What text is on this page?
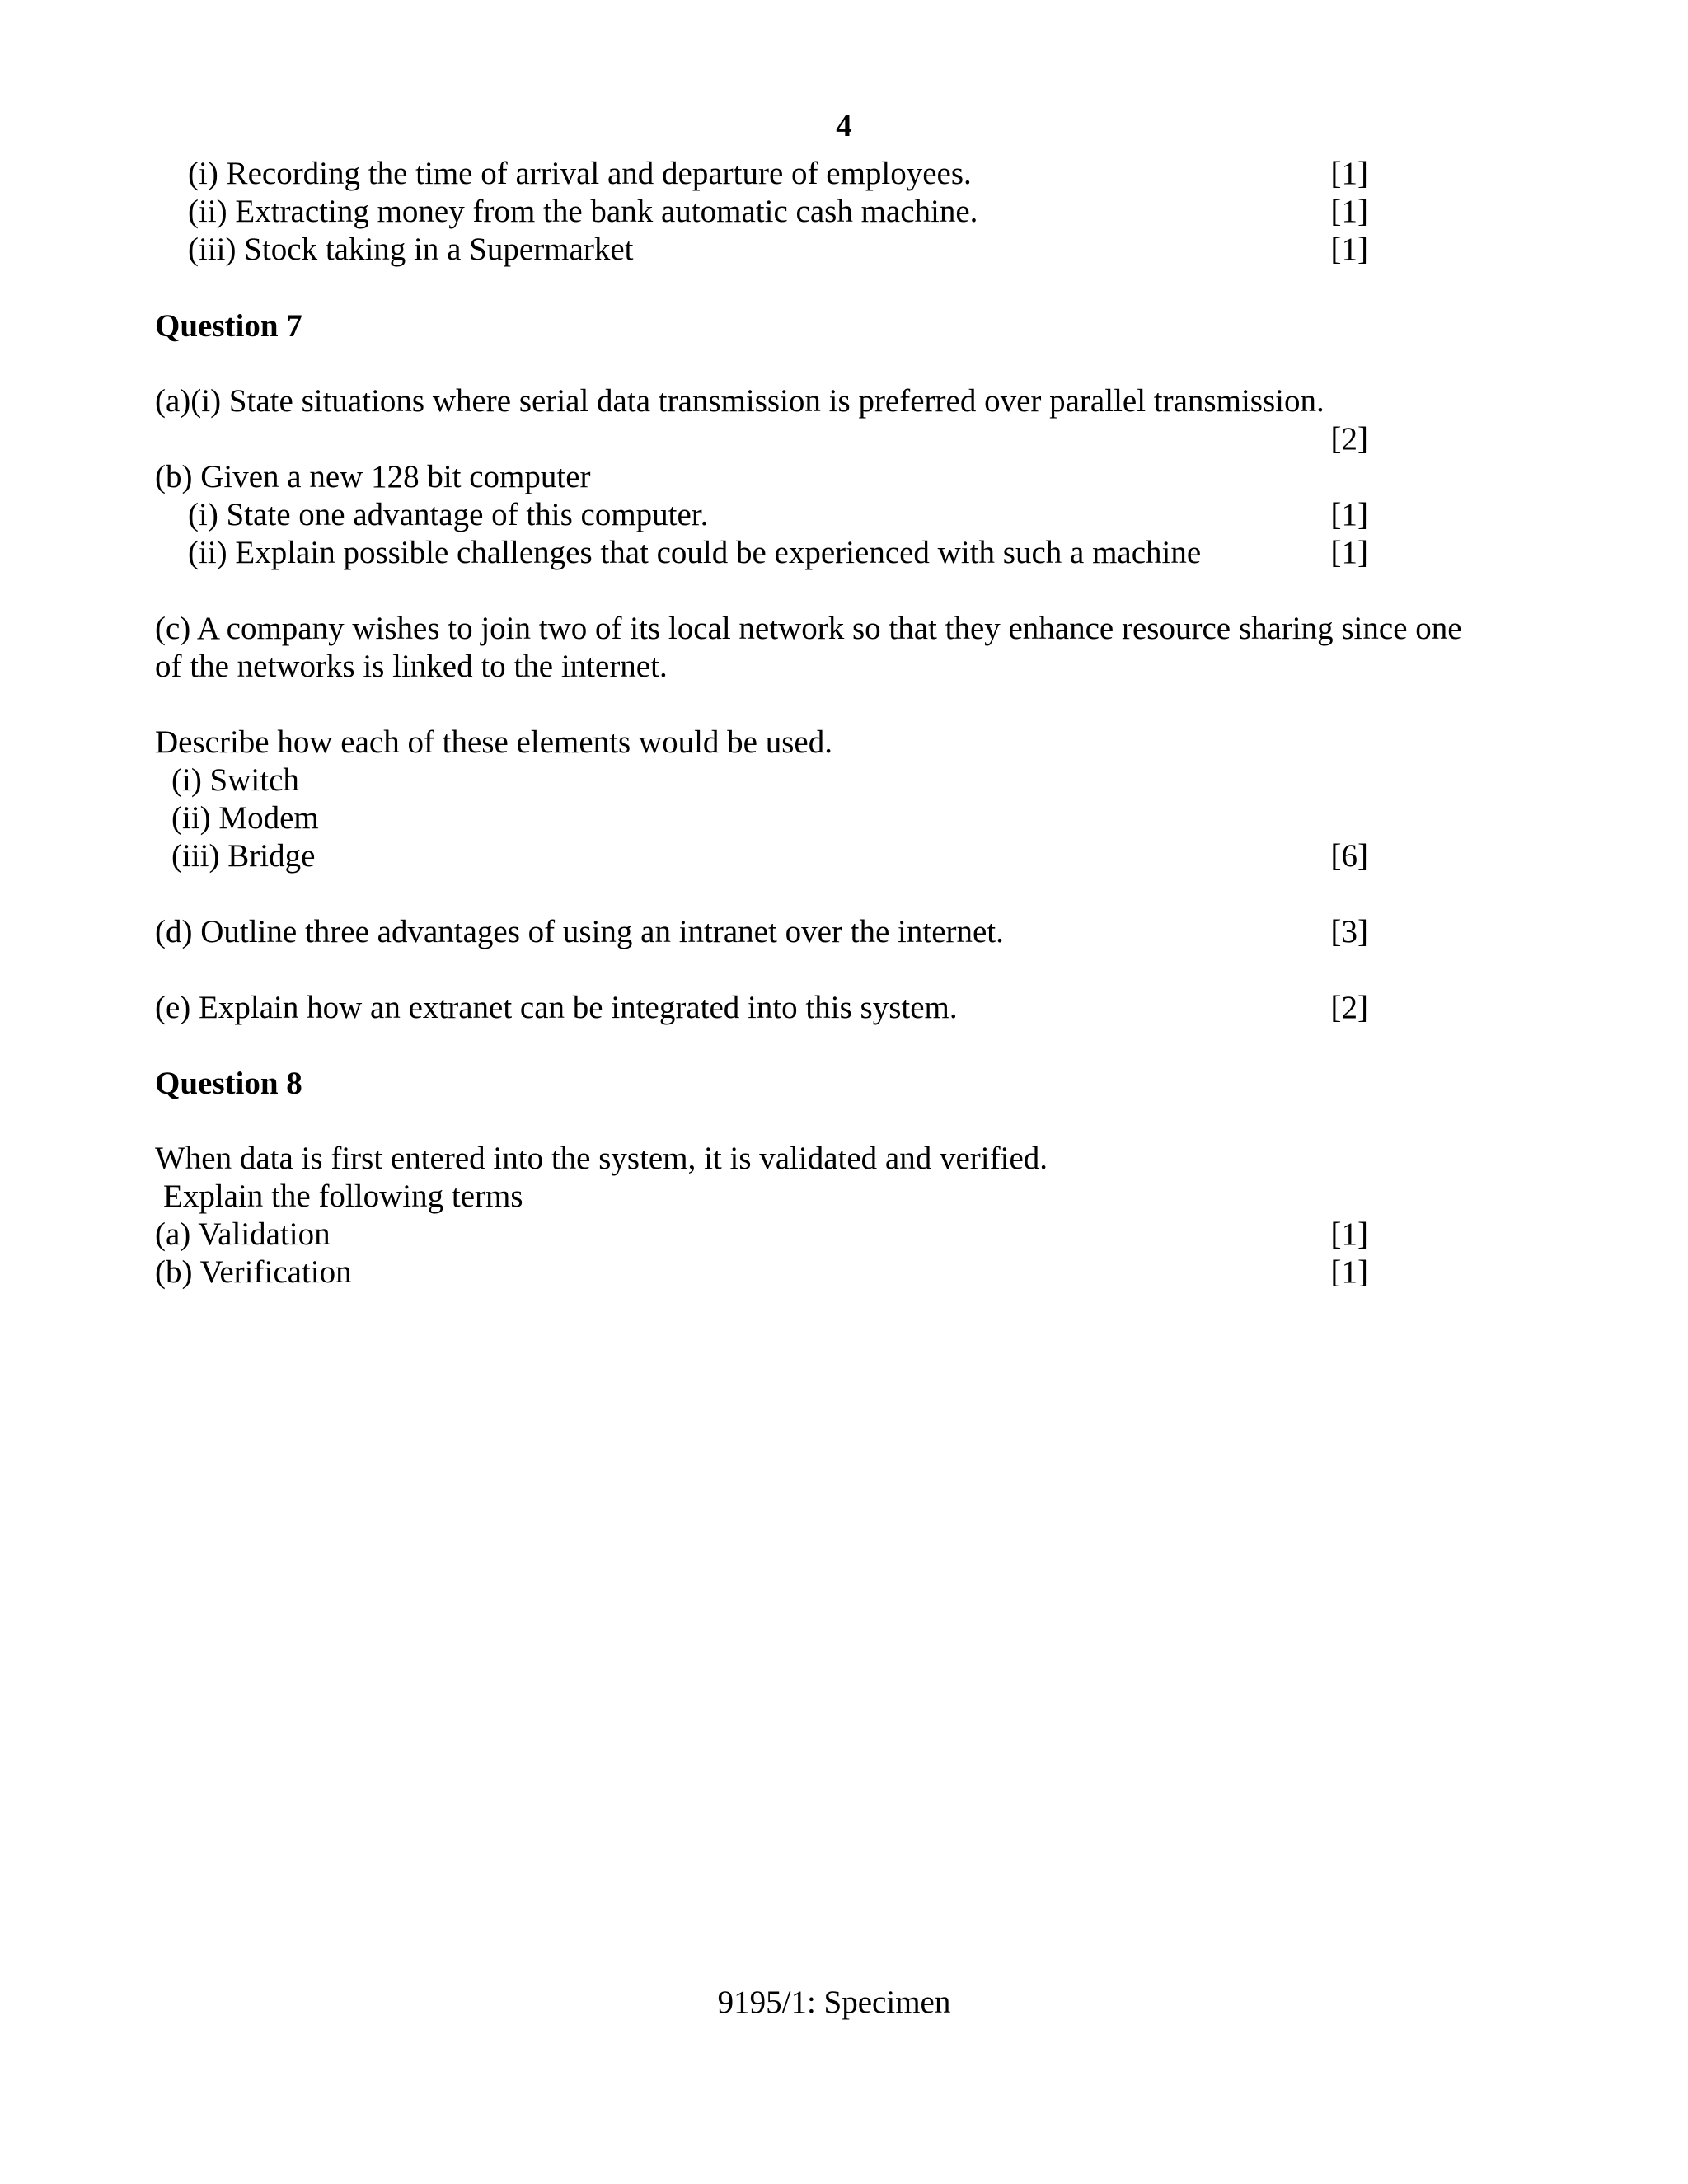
4
(i) Recording the time of arrival and departure of employees.	[1]
(ii) Extracting money from the bank automatic cash machine.	[1]
(iii) Stock taking in a Supermarket	[1]
Question 7
(a)(i) State situations where serial data transmission is preferred over parallel transmission.
[2]
(b) Given a new 128 bit computer
(i) State one advantage of this computer.	[1]
(ii) Explain possible challenges that could be experienced with such a machine	[1]
(c) A company wishes to join two of its local network so that they enhance resource sharing since one
of the networks is linked to the internet.
Describe how each of these elements would be used.
(i) Switch
(ii) Modem
(iii) Bridge	[6]
(d) Outline three advantages of using an intranet over the internet.	[3]
(e) Explain how an extranet can be integrated into this system.	[2]
Question 8
When data is first entered into the system, it is validated and verified.
Explain the following terms
(a) Validation	[1]
(b) Verification	[1]
9195/1: Specimen
